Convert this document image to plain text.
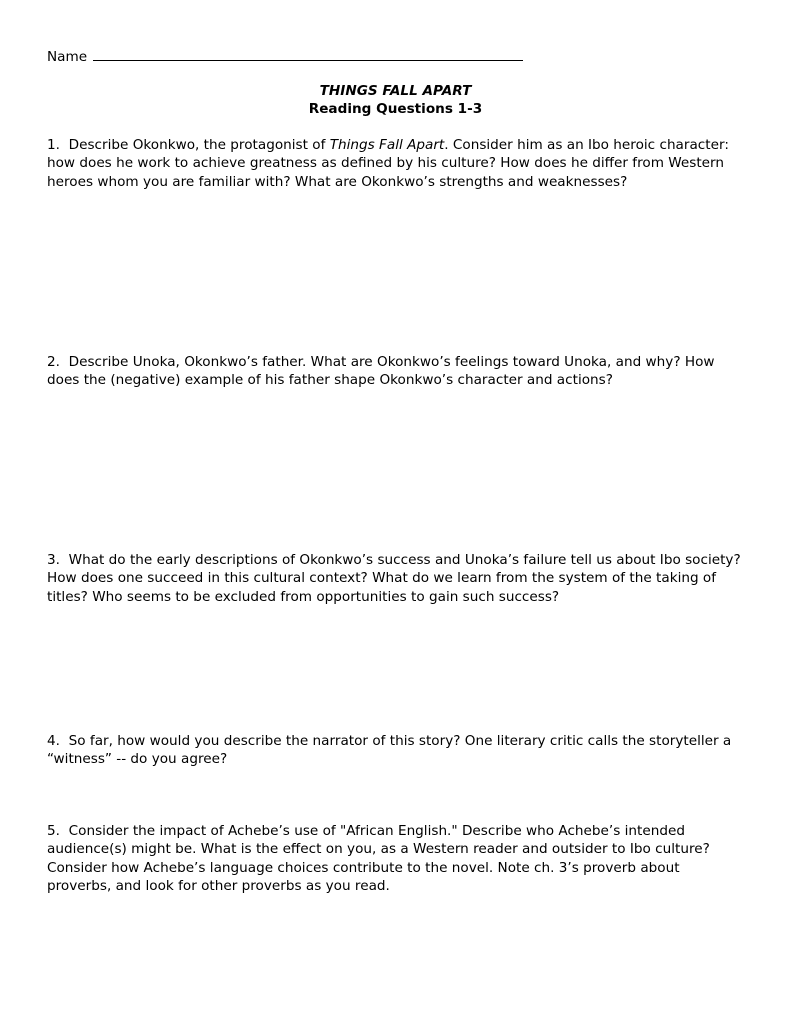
Name
THINGS FALL APART
Reading Questions 1-3
1. Describe Okonkwo, the protagonist of Things Fall Apart. Consider him as an Ibo heroic character: how does he work to achieve greatness as defined by his culture? How does he differ from Western heroes whom you are familiar with? What are Okonkwo’s strengths and weaknesses?
2. Describe Unoka, Okonkwo’s father. What are Okonkwo’s feelings toward Unoka, and why? How does the (negative) example of his father shape Okonkwo’s character and actions?
3. What do the early descriptions of Okonkwo’s success and Unoka’s failure tell us about Ibo society? How does one succeed in this cultural context? What do we learn from the system of the taking of titles? Who seems to be excluded from opportunities to gain such success?
4. So far, how would you describe the narrator of this story? One literary critic calls the storyteller a “witness” -- do you agree?
5. Consider the impact of Achebe’s use of "African English." Describe who Achebe’s intended audience(s) might be. What is the effect on you, as a Western reader and outsider to Ibo culture? Consider how Achebe’s language choices contribute to the novel. Note ch. 3’s proverb about proverbs, and look for other proverbs as you read.
